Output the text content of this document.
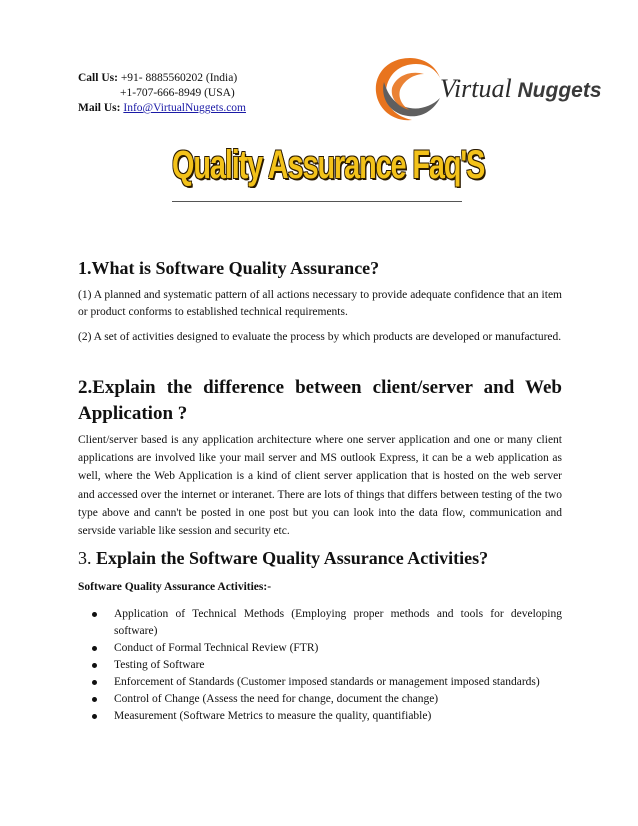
Call Us: +91- 8885560202 (India)
+1-707-666-8949 (USA)
Mail Us: Info@VirtualNuggets.com
Virtual Nuggets
Quality Assurance Faq'S
1.What is Software Quality Assurance?

(1) A planned and systematic pattern of all actions necessary to provide adequate confidence that an item or product conforms to established technical requirements.

(2) A set of activities designed to evaluate the process by which products are developed or manufactured.

2.Explain the difference between client/server and Web Application ?

Client/server based is any application architecture where one server application and one or many client applications are involved like your mail server and MS outlook Express, it can be a web application as well, where the Web Application is a kind of client server application that is hosted on the web server and accessed over the internet or interanet. There are lots of things that differs between testing of the two type above and cann't be posted in one post but you can look into the data flow, communication and servside variable like session and security etc.

3. Explain the Software Quality Assurance Activities?
Software Quality Assurance Activities:-
Application of Technical Methods (Employing proper methods and tools for developing software)
Conduct of Formal Technical Review (FTR)
Testing of Software
Enforcement of Standards (Customer imposed standards or management imposed standards)
Control of Change (Assess the need for change, document the change)
Measurement (Software Metrics to measure the quality, quantifiable)
